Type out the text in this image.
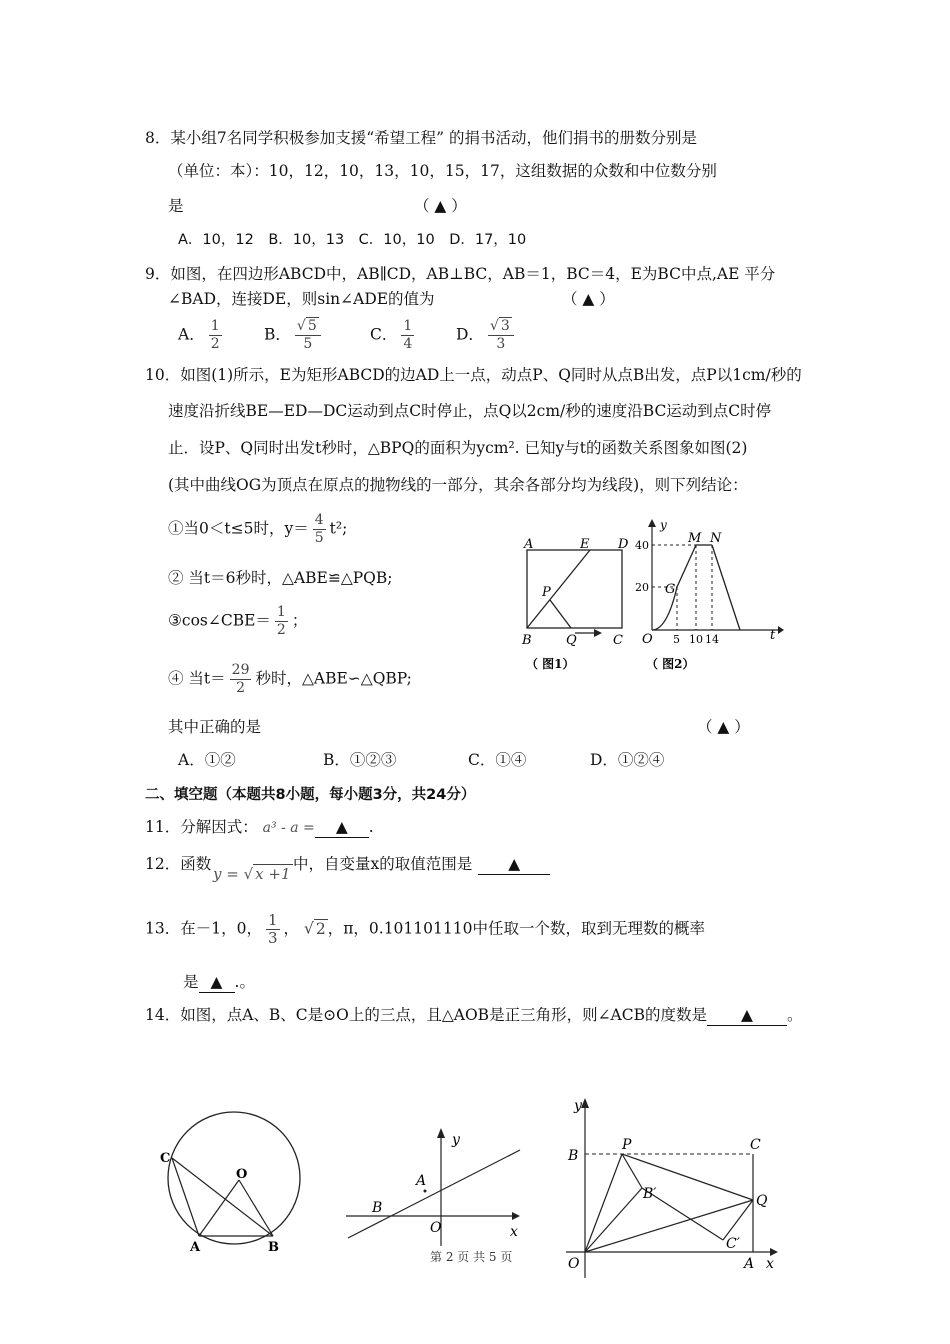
8．某小组7名同学积极参加支援“希望工程” 的捐书活动，他们捐书的册数分别是
（单位：本）：10，12，10，13，10，15，17，这组数据的众数和中位数分别
是	（ ▲ ）
A．10，12　B．10，13　C．10，10　D．17，10
9．如图，在四边形ABCD中，AB∥CD，AB⊥BC，AB＝1，BC＝4，E为BC中点,AE 平分
∠BAD，连接DE，则sin∠ADE的值为	（ ▲ ）
A． $\frac{1}{2}$	B． $\frac{√ 5}{5}$	C． $\frac{1}{4}$	D． $\frac{√ 3}{3}$
10．如图(1)所示，E为矩形ABCD的边AD上一点，动点P、Q同时从点B出发，点P以1cm/秒的
速度沿折线BE—ED—DC运动到点C时停止，点Q以2cm/秒的速度沿BC运动到点C时停
止．设P、Q同时出发t秒时，△BPQ的面积为ycm². 已知y与t的函数关系图象如图(2)
(其中曲线OG为顶点在原点的抛物线的一部分，其余各部分均为线段)，则下列结论：
①当0＜t≤5时，$y= \frac{4}{5} t^2$;
② 当t＝6秒时，△ABE≌△PQB;
③cos∠CBE＝ $\frac{1}{2}$ ；
④ 当$t= \frac{29}{2}$ 秒时，△ABE∽△QBP;
其中正确的是	（ ▲ ）
A．①②	B．①②③	C．①④	D．①②④
A	E D
P
B	Q	C
（ 图1）
y
t
O
G
M N
40
20
5 10 14
（ 图2）
二、填空题（本题共8小题，每小题3分，共24分）
11．分解因式： a³ - a = ▲ .
12．函数
y = √ x +1
中，自变量x的取值范围是 ▲
13．在－1，0， $\frac{1}{3}$ ， √ 2 ，π，0.101101110中任取一个数，取到无理数的概率
是 ▲ .。
14．如图，点A、B、C是⊙O上的三点，且△AOB是正三角形，则∠ACB的度数是 ▲ 。
C
O
A	B
y
A
B
O	x
y
B
P	C
B′	Q
C′
O	A x
第 2 页 共 5 页
